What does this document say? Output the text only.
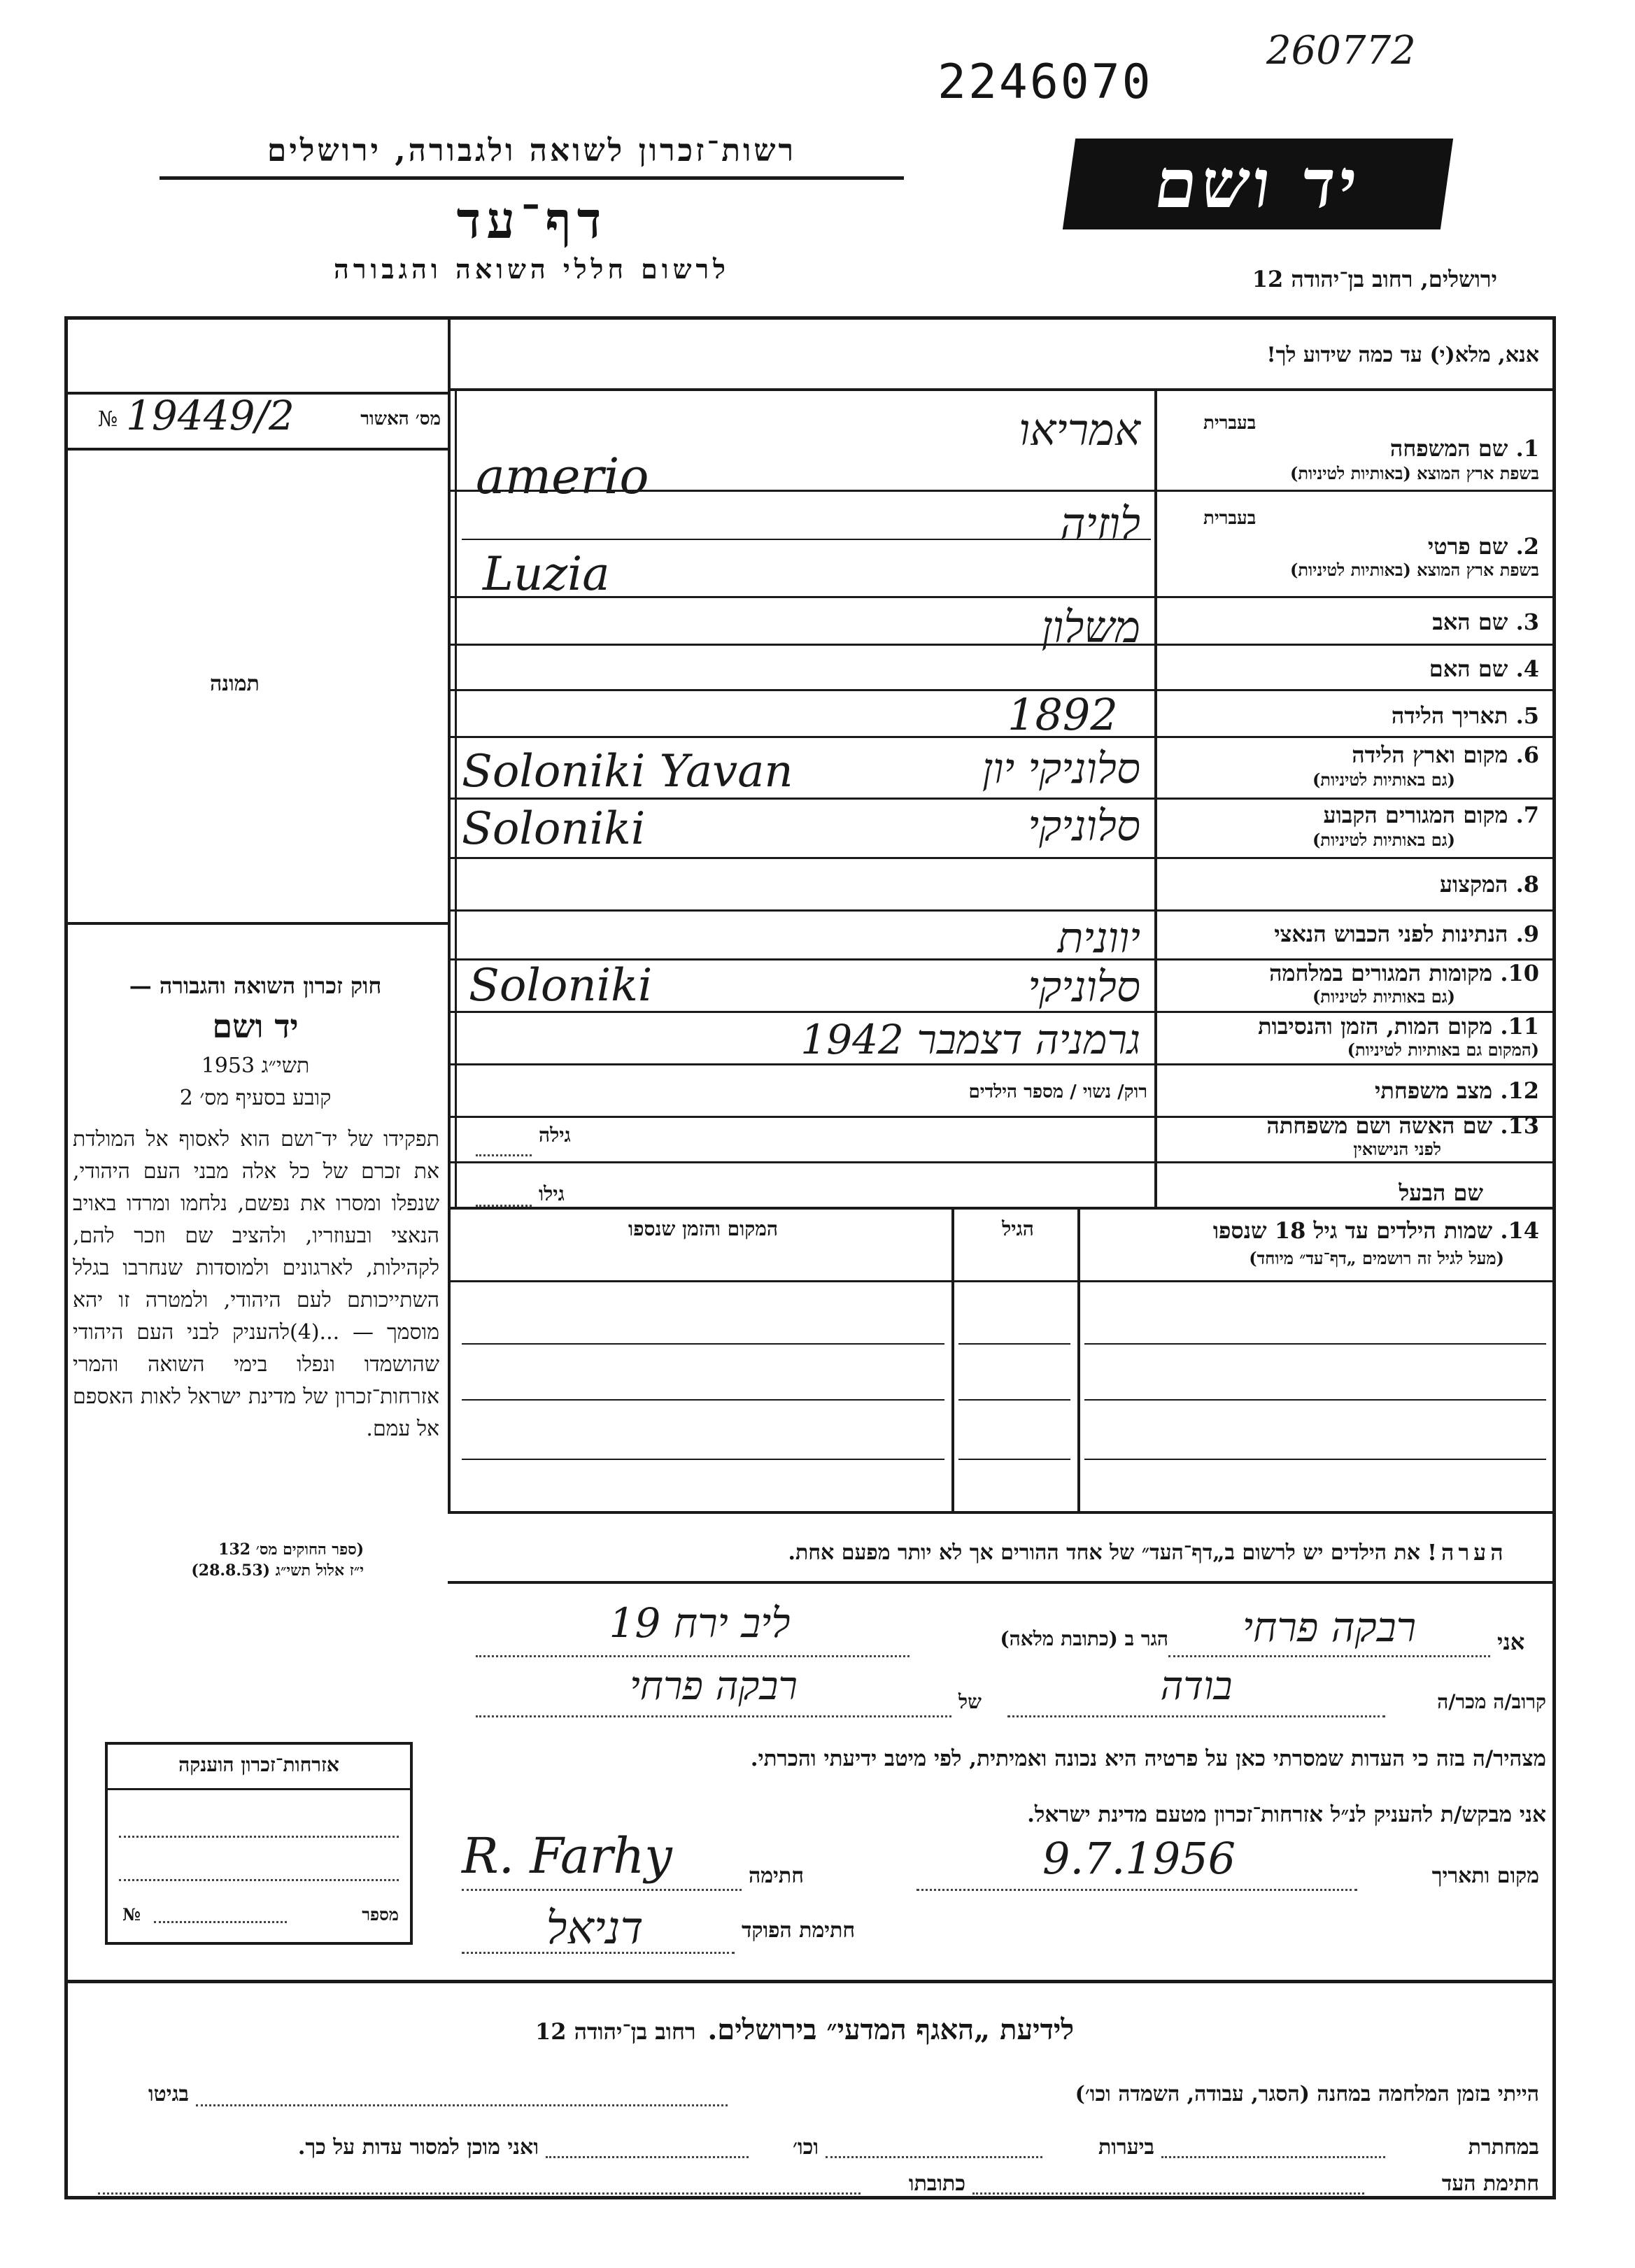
2246070
260772
רשות־זכרון לשואה ולגבורה, ירושלים
דף־עד
לרשום חללי השואה והגבורה
יד ושם
ירושלים, רחוב בן־יהודה 12
№ 19449/2	מס׳ האשור
תמונה
חוק זכרון השואה והגבורה —
יד ושם
תשי״ג 1953
קובע בסעיף מס׳ 2
תפקידו של יד־ושם הוא לאסוף אל המולדת את זכרם של כל אלה מבני העם היהודי, שנפלו ומסרו את נפשם, נלחמו ומרדו באויב הנאצי ובעוזריו, ולהציב שם וזכר להם, לקהילות, לארגונים ולמוסדות שנחרבו בגלל השתייכותם לעם היהודי, ולמטרה זו יהא מוסמך — ...(4)להעניק לבני העם היהודי שהושמדו ונפלו בימי השואה והמרי אזרחות־זכרון של מדינת ישראל לאות האספם אל עמם.
(ספר החוקים מס׳ 132
י״ז אלול תשי״ג (28.8.53)
אנא, מלא(י) עד כמה שידוע לך!
בעברית
בעברית
1. שם המשפחה
בשפת ארץ המוצא (באותיות לטיניות)
2. שם פרטי
בשפת ארץ המוצא (באותיות לטיניות)
3. שם האב
4. שם האם
5. תאריך הלידה
6. מקום וארץ הלידה
(גם באותיות לטיניות)
7. מקום המגורים הקבוע
(גם באותיות לטיניות)
8. המקצוע
9. הנתינות לפני הכבוש הנאצי
10. מקומות המגורים במלחמה
(גם באותיות לטיניות)
11. מקום המות, הזמן והנסיבות
(המקום גם באותיות לטיניות)
12. מצב משפחתי
13. שם האשה ושם משפחתה
לפני הנישואין
שם הבעל
אמריאו
amerio
לוזיה
Luzia
משלון
1892
סלוניקי יון
Soloniki Yavan
סלוניקי
Soloniki
יוונית
סלוניקי
Soloniki
גרמניה דצמבר 1942
רוק/ נשוי / מספר הילדים
גילה
גילו
14. שמות הילדים עד גיל 18 שנספו
(מעל לגיל זה רושמים „דף־עד״ מיוחד)
הגיל
המקום והזמן שנספו
הערה!
את הילדים יש לרשום ב„דף־העד״ של אחד ההורים אך לא יותר מפעם אחת.
אני
רבקה פרחי
הגר ב (כתובת מלאה)
ליב ירח 19
קרוב/ה מכר/ה
בודה
של
רבקה פרחי
מצהיר/ה בזה כי העדות שמסרתי כאן על פרטיה היא נכונה ואמיתית, לפי מיטב ידיעתי והכרתי.
אני מבקש/ת להעניק לנ״ל אזרחות־זכרון מטעם מדינת ישראל.
מקום ותאריך
9.7.1956
חתימה
R. Farhy
חתימת הפוקד
דניאל
אזרחות־זכרון הוענקה
№	מספר
לידיעת „האגף המדעי״ בירושלים.   רחוב בן־יהודה 12
הייתי בזמן המלחמה במחנה (הסגר, עבודה, השמדה וכו׳)
בגיטו
במחתרת
ביערות
וכו׳
ואני מוכן למסור עדות על כך.
חתימת העד
כתובתו
